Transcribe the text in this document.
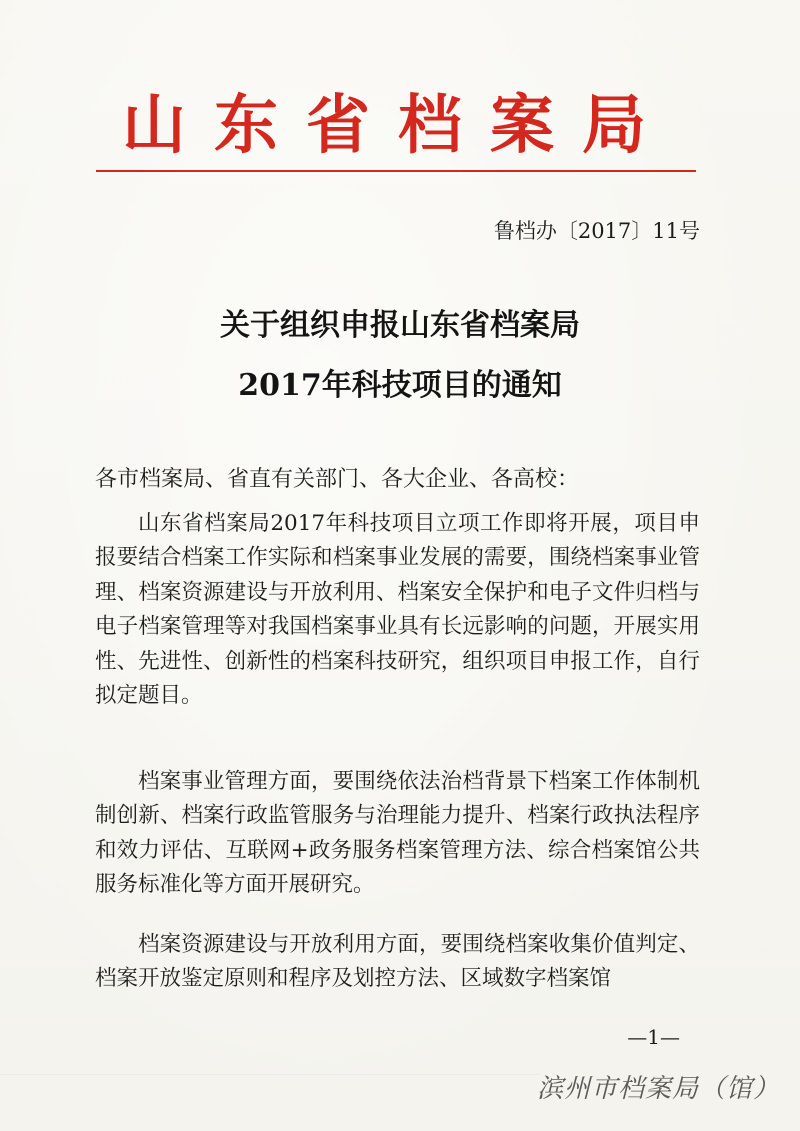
山东省档案局
鲁档办〔2017〕11号
关于组织申报山东省档案局
2017年科技项目的通知
各市档案局、省直有关部门、各大企业、各高校：
山东省档案局2017年科技项目立项工作即将开展，项目申报要结合档案工作实际和档案事业发展的需要，围绕档案事业管理、档案资源建设与开放利用、档案安全保护和电子文件归档与电子档案管理等对我国档案事业具有长远影响的问题，开展实用性、先进性、创新性的档案科技研究，组织项目申报工作，自行拟定题目。
档案事业管理方面，要围绕依法治档背景下档案工作体制机制创新、档案行政监管服务与治理能力提升、档案行政执法程序和效力评估、互联网+政务服务档案管理方法、综合档案馆公共服务标准化等方面开展研究。
档案资源建设与开放利用方面，要围绕档案收集价值判定、档案开放鉴定原则和程序及划控方法、区域数字档案馆
—1—
滨州市档案局（馆）
